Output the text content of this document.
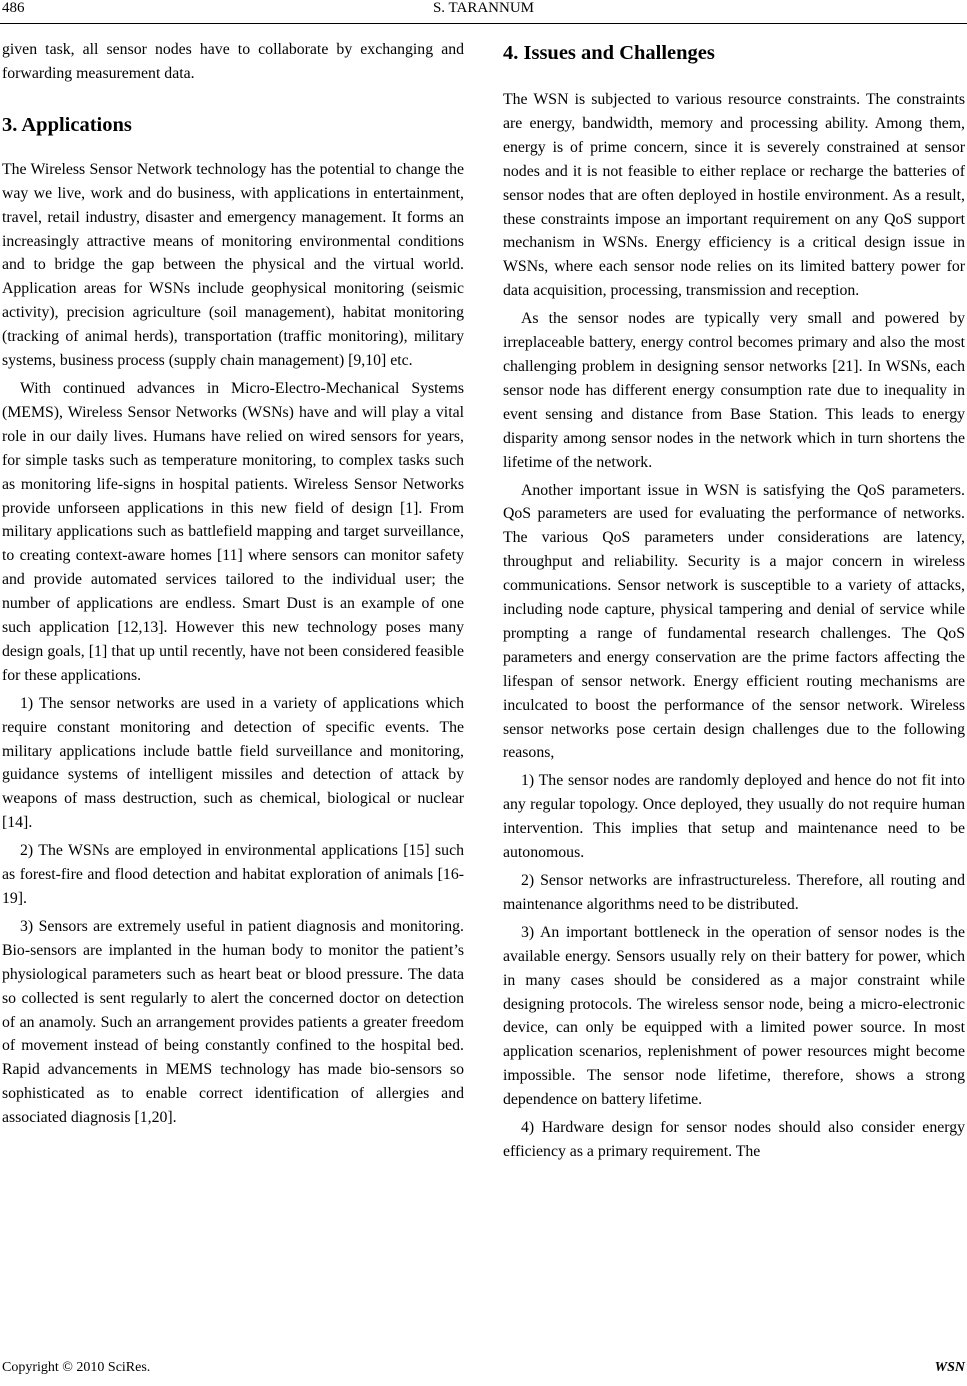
486	S. TARANNUM

given task, all sensor nodes have to collaborate by exchanging and forwarding measurement data.

3. Applications

The Wireless Sensor Network technology has the potential to change the way we live, work and do business, with applications in entertainment, travel, retail industry, disaster and emergency management. It forms an increasingly attractive means of monitoring environmental conditions and to bridge the gap between the physical and the virtual world. Application areas for WSNs include geophysical monitoring (seismic activity), precision agriculture (soil management), habitat monitoring (tracking of animal herds), transportation (traffic monitoring), military systems, business process (supply chain management) [9,10] etc.

With continued advances in Micro-Electro-Mechanical Systems (MEMS), Wireless Sensor Networks (WSNs) have and will play a vital role in our daily lives. Humans have relied on wired sensors for years, for simple tasks such as temperature monitoring, to complex tasks such as monitoring life-signs in hospital patients. Wireless Sensor Networks provide unforseen applications in this new field of design [1]. From military applications such as battlefield mapping and target surveillance, to creating context-aware homes [11] where sensors can monitor safety and provide automated services tailored to the individual user; the number of applications are endless. Smart Dust is an example of one such application [12,13]. However this new technology poses many design goals, [1] that up until recently, have not been considered feasible for these applications.

1) The sensor networks are used in a variety of applications which require constant monitoring and detection of specific events. The military applications include battle field surveillance and monitoring, guidance systems of intelligent missiles and detection of attack by weapons of mass destruction, such as chemical, biological or nuclear [14].

2) The WSNs are employed in environmental applications [15] such as forest-fire and flood detection and habitat exploration of animals [16-19].

3) Sensors are extremely useful in patient diagnosis and monitoring. Bio-sensors are implanted in the human body to monitor the patient’s physiological parameters such as heart beat or blood pressure. The data so collected is sent regularly to alert the concerned doctor on detection of an anamoly. Such an arrangement provides patients a greater freedom of movement instead of being constantly confined to the hospital bed. Rapid advancements in MEMS technology has made bio-sensors so sophisticated as to enable correct identification of allergies and associated diagnosis [1,20].

4. Issues and Challenges

The WSN is subjected to various resource constraints. The constraints are energy, bandwidth, memory and processing ability. Among them, energy is of prime concern, since it is severely constrained at sensor nodes and it is not feasible to either replace or recharge the batteries of sensor nodes that are often deployed in hostile environment. As a result, these constraints impose an important requirement on any QoS support mechanism in WSNs. Energy efficiency is a critical design issue in WSNs, where each sensor node relies on its limited battery power for data acquisition, processing, transmission and reception.

As the sensor nodes are typically very small and powered by irreplaceable battery, energy control becomes primary and also the most challenging problem in designing sensor networks [21]. In WSNs, each sensor node has different energy consumption rate due to inequality in event sensing and distance from Base Station. This leads to energy disparity among sensor nodes in the network which in turn shortens the lifetime of the network.

Another important issue in WSN is satisfying the QoS parameters. QoS parameters are used for evaluating the performance of networks. The various QoS parameters under considerations are latency, throughput and reliability. Security is a major concern in wireless communications. Sensor network is susceptible to a variety of attacks, including node capture, physical tampering and denial of service while prompting a range of fundamental research challenges. The QoS parameters and energy conservation are the prime factors affecting the lifespan of sensor network. Energy efficient routing mechanisms are inculcated to boost the performance of the sensor network. Wireless sensor networks pose certain design challenges due to the following reasons,

1) The sensor nodes are randomly deployed and hence do not fit into any regular topology. Once deployed, they usually do not require human intervention. This implies that setup and maintenance need to be autonomous.

2) Sensor networks are infrastructureless. Therefore, all routing and maintenance algorithms need to be distributed.

3) An important bottleneck in the operation of sensor nodes is the available energy. Sensors usually rely on their battery for power, which in many cases should be considered as a major constraint while designing protocols. The wireless sensor node, being a micro-electronic device, can only be equipped with a limited power source. In most application scenarios, replenishment of power resources might become impossible. The sensor node lifetime, therefore, shows a strong dependence on battery lifetime.

4) Hardware design for sensor nodes should also consider energy efficiency as a primary requirement. The

Copyright © 2010 SciRes.	WSN
